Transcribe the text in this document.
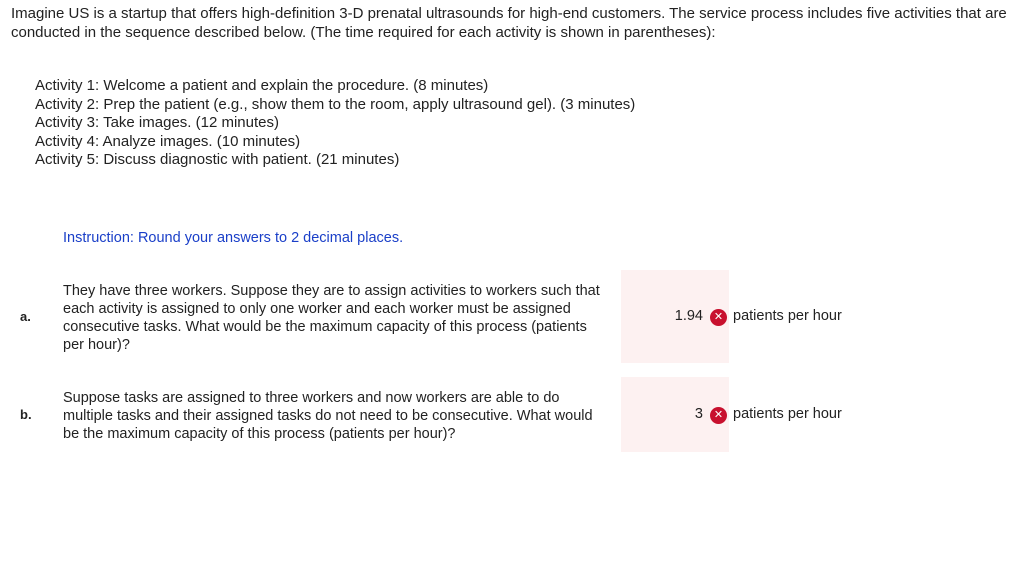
Imagine US is a startup that offers high-definition 3-D prenatal ultrasounds for high-end customers. The service process includes five activities that are conducted in the sequence described below. (The time required for each activity is shown in parentheses):

Activity 1: Welcome a patient and explain the procedure. (8 minutes)
Activity 2: Prep the patient (e.g., show them to the room, apply ultrasound gel). (3 minutes)
Activity 3: Take images. (12 minutes)
Activity 4: Analyze images. (10 minutes)
Activity 5: Discuss diagnostic with patient. (21 minutes)

Instruction: Round your answers to 2 decimal places.

a.

They have three workers. Suppose they are to assign activities to workers such that each activity is assigned to only one worker and each worker must be assigned consecutive tasks. What would be the maximum capacity of this process (patients per hour)?

1.94 ✕ patients per hour
b.

Suppose tasks are assigned to three workers and now workers are able to do multiple tasks and their assigned tasks do not need to be consecutive. What would be the maximum capacity of this process (patients per hour)?

3 ✕ patients per hour
